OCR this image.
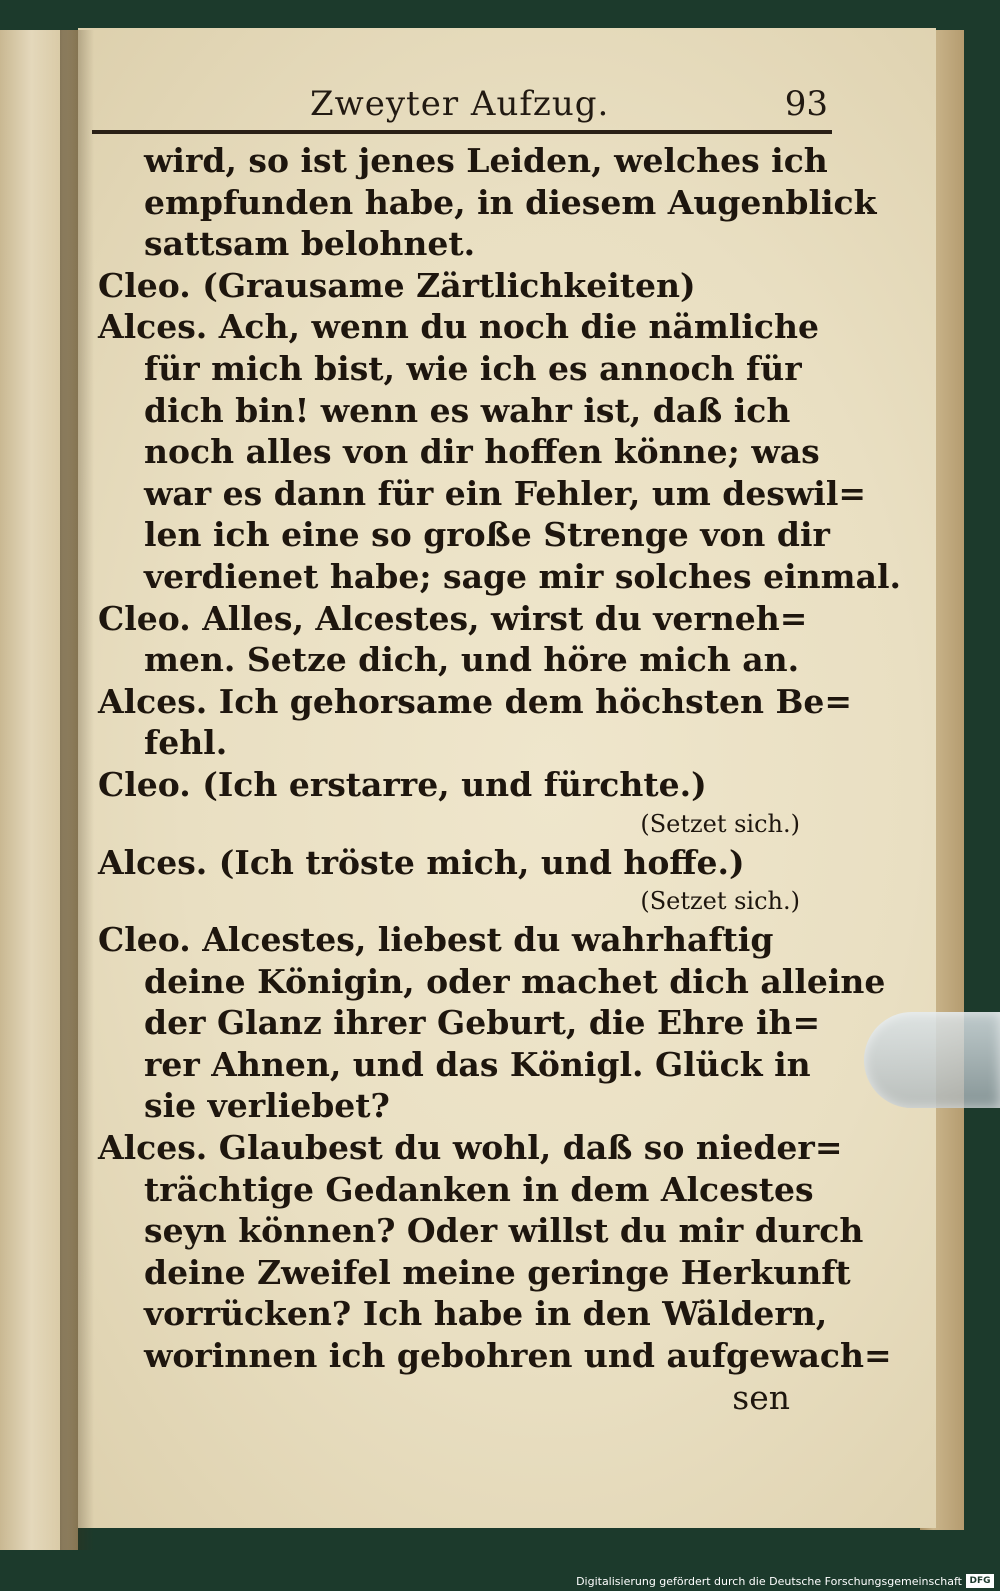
Zweyter Aufzug.	93
wird, so ist jenes Leiden, welches ich
empfunden habe, in diesem Augenblick
sattsam belohnet.
Cleo. (Grausame Zärtlichkeiten)
Alces. Ach, wenn du noch die nämliche
für mich bist, wie ich es annoch für
dich bin! wenn es wahr ist, daß ich
noch alles von dir hoffen könne; was
war es dann für ein Fehler, um deswil=
len ich eine so große Strenge von dir
verdienet habe; sage mir solches einmal.
Cleo. Alles, Alcestes, wirst du verneh=
men. Setze dich, und höre mich an.
Alces. Ich gehorsame dem höchsten Be=
fehl.
Cleo. (Ich erstarre, und fürchte.)
(Setzet sich.)
Alces. (Ich tröste mich, und hoffe.)
(Setzet sich.)
Cleo. Alcestes, liebest du wahrhaftig
deine Königin, oder machet dich alleine
der Glanz ihrer Geburt, die Ehre ih=
rer Ahnen, und das Königl. Glück in
sie verliebet?
Alces. Glaubest du wohl, daß so nieder=
trächtige Gedanken in dem Alcestes
seyn können? Oder willst du mir durch
deine Zweifel meine geringe Herkunft
vorrücken? Ich habe in den Wäldern,
worinnen ich gebohren und aufgewach=
sen
Digitalisierung gefördert durch die Deutsche Forschungsgemeinschaft DFG
